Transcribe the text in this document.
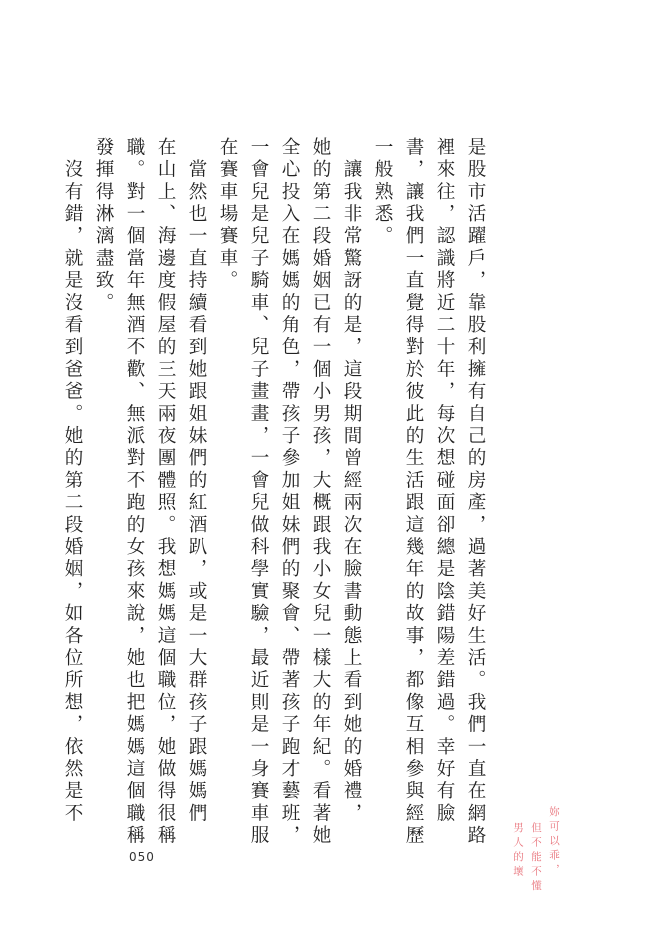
是股市活躍戶，靠股利擁有自己的房產，過著美好生活。我們一直在網路
裡來往，認識將近二十年，每次想碰面卻總是陰錯陽差錯過。幸好有臉
書，讓我們一直覺得對於彼此的生活跟這幾年的故事，都像互相參與經歷
一般熟悉。
　讓我非常驚訝的是，這段期間曾經兩次在臉書動態上看到她的婚禮，
她的第二段婚姻已有一個小男孩，大概跟我小女兒一樣大的年紀。看著她
全心投入在媽媽的角色，帶孩子參加姐妹們的聚會、帶著孩子跑才藝班，
一會兒是兒子騎車、兒子畫畫，一會兒做科學實驗，最近則是一身賽車服
在賽車場賽車。
　當然也一直持續看到她跟姐妹們的紅酒趴，或是一大群孩子跟媽媽們
在山上、海邊度假屋的三天兩夜團體照。我想媽媽這個職位，她做得很稱
職。對一個當年無酒不歡、無派對不跑的女孩來說，她也把媽媽這個職稱
發揮得淋漓盡致。
　沒有錯，就是沒看到爸爸。她的第二段婚姻，如各位所想，依然是不
050	妳可以乖，
但不能不懂
男人的壞
